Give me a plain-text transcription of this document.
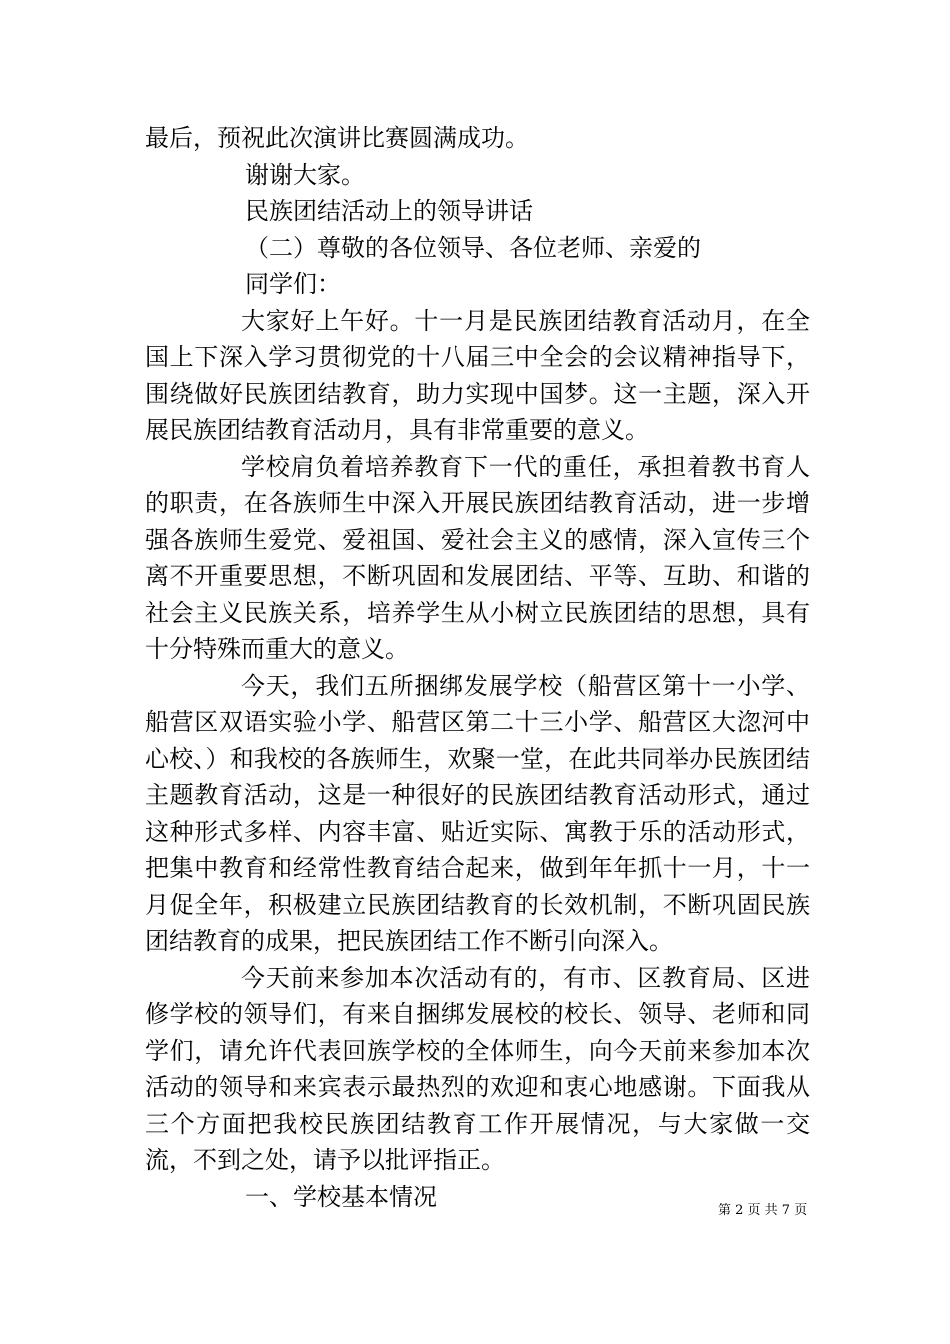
最后，预祝此次演讲比赛圆满成功。
谢谢大家。
民族团结活动上的领导讲话
（二）尊敬的各位领导、各位老师、亲爱的
同学们：

大家好上午好。十一月是民族团结教育活动月，在全国上下深入学习贯彻党的十八届三中全会的会议精神指导下，围绕做好民族团结教育，助力实现中国梦。这一主题，深入开展民族团结教育活动月，具有非常重要的意义。

学校肩负着培养教育下一代的重任，承担着教书育人的职责，在各族师生中深入开展民族团结教育活动，进一步增强各族师生爱党、爱祖国、爱社会主义的感情，深入宣传三个离不开重要思想，不断巩固和发展团结、平等、互助、和谐的社会主义民族关系，培养学生从小树立民族团结的思想，具有十分特殊而重大的意义。

今天，我们五所捆绑发展学校（船营区第十一小学、船营区双语实验小学、船营区第二十三小学、船营区大淴河中心校、）和我校的各族师生，欢聚一堂，在此共同举办民族团结主题教育活动，这是一种很好的民族团结教育活动形式，通过这种形式多样、内容丰富、贴近实际、寓教于乐的活动形式，把集中教育和经常性教育结合起来，做到年年抓十一月，十一月促全年，积极建立民族团结教育的长效机制，不断巩固民族团结教育的成果，把民族团结工作不断引向深入。

今天前来参加本次活动有的，有市、区教育局、区进修学校的领导们，有来自捆绑发展校的校长、领导、老师和同学们，请允许代表回族学校的全体师生，向今天前来参加本次活动的领导和来宾表示最热烈的欢迎和衷心地感谢。下面我从三个方面把我校民族团结教育工作开展情况，与大家做一交流，不到之处，请予以批评指正。

一、学校基本情况	第 2 页 共 7 页
